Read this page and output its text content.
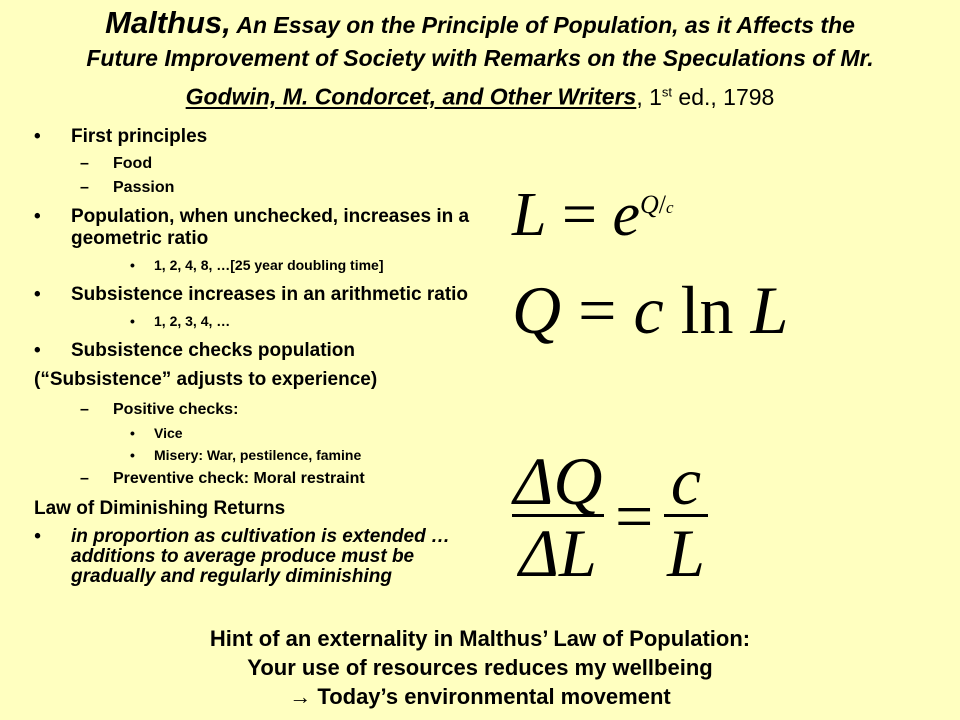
Malthus, An Essay on the Principle of Population, as it Affects the
Future Improvement of Society with Remarks on the Speculations of Mr.
Godwin, M. Condorcet, and Other Writers, 1st ed., 1798
• First principles
– Food
– Passion
• Population, when unchecked, increases in a geometric ratio
• 1, 2, 4, 8, …[25 year doubling time]
• Subsistence increases in an arithmetic ratio
• 1, 2, 3, 4, …
• Subsistence checks population
(“Subsistence” adjusts to experience)
– Positive checks:
• Vice
• Misery: War, pestilence, famine
– Preventive check: Moral restraint
Law of Diminishing Returns
• in proportion as cultivation is extended … additions to average produce must be gradually and regularly diminishing
$L = e^{Q/c}$
Q = c ln L
ΔQ
ΔL = c
L
Hint of an externality in Malthus’ Law of Population:
Your use of resources reduces my wellbeing
→ Today’s environmental movement
